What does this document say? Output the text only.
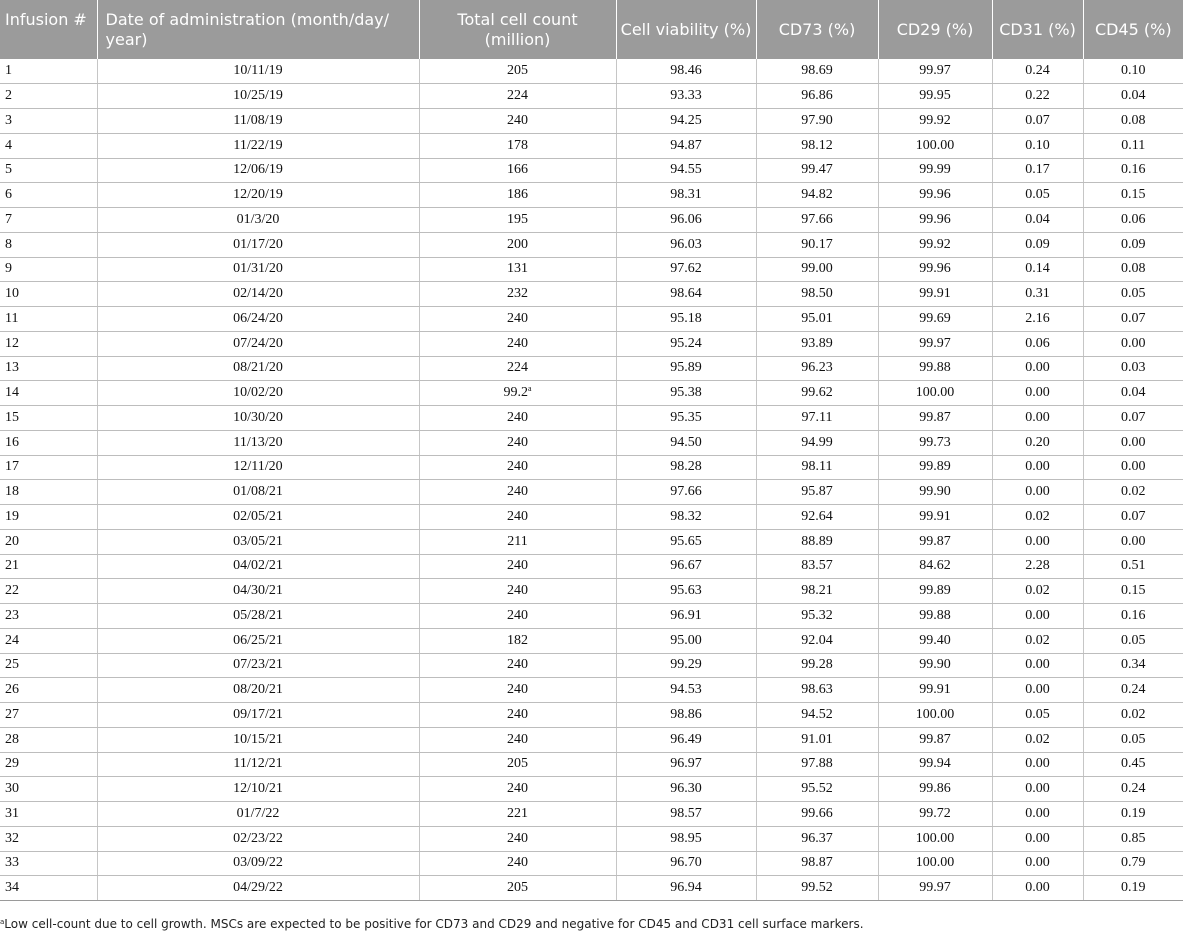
Infusion #	Date of administration (month/day/ year)	Total cell count (million)	Cell viability (%)	CD73 (%)	CD29 (%)	CD31 (%)	CD45 (%)
1	10/11/19	205	98.46	98.69	99.97	0.24	0.10
2	10/25/19	224	93.33	96.86	99.95	0.22	0.04
3	11/08/19	240	94.25	97.90	99.92	0.07	0.08
4	11/22/19	178	94.87	98.12	100.00	0.10	0.11
5	12/06/19	166	94.55	99.47	99.99	0.17	0.16
6	12/20/19	186	98.31	94.82	99.96	0.05	0.15
7	01/3/20	195	96.06	97.66	99.96	0.04	0.06
8	01/17/20	200	96.03	90.17	99.92	0.09	0.09
9	01/31/20	131	97.62	99.00	99.96	0.14	0.08
10	02/14/20	232	98.64	98.50	99.91	0.31	0.05
11	06/24/20	240	95.18	95.01	99.69	2.16	0.07
12	07/24/20	240	95.24	93.89	99.97	0.06	0.00
13	08/21/20	224	95.89	96.23	99.88	0.00	0.03
14	10/02/20	99.2$^a$	95.38	99.62	100.00	0.00	0.04
15	10/30/20	240	95.35	97.11	99.87	0.00	0.07
16	11/13/20	240	94.50	94.99	99.73	0.20	0.00
17	12/11/20	240	98.28	98.11	99.89	0.00	0.00
18	01/08/21	240	97.66	95.87	99.90	0.00	0.02
19	02/05/21	240	98.32	92.64	99.91	0.02	0.07
20	03/05/21	211	95.65	88.89	99.87	0.00	0.00
21	04/02/21	240	96.67	83.57	84.62	2.28	0.51
22	04/30/21	240	95.63	98.21	99.89	0.02	0.15
23	05/28/21	240	96.91	95.32	99.88	0.00	0.16
24	06/25/21	182	95.00	92.04	99.40	0.02	0.05
25	07/23/21	240	99.29	99.28	99.90	0.00	0.34
26	08/20/21	240	94.53	98.63	99.91	0.00	0.24
27	09/17/21	240	98.86	94.52	100.00	0.05	0.02
28	10/15/21	240	96.49	91.01	99.87	0.02	0.05
29	11/12/21	205	96.97	97.88	99.94	0.00	0.45
30	12/10/21	240	96.30	95.52	99.86	0.00	0.24
31	01/7/22	221	98.57	99.66	99.72	0.00	0.19
32	02/23/22	240	98.95	96.37	100.00	0.00	0.85
33	03/09/22	240	96.70	98.87	100.00	0.00	0.79
34	04/29/22	205	96.94	99.52	99.97	0.00	0.19
$^a$Low cell-count due to cell growth. MSCs are expected to be positive for CD73 and CD29 and negative for CD45 and CD31 cell surface markers.
